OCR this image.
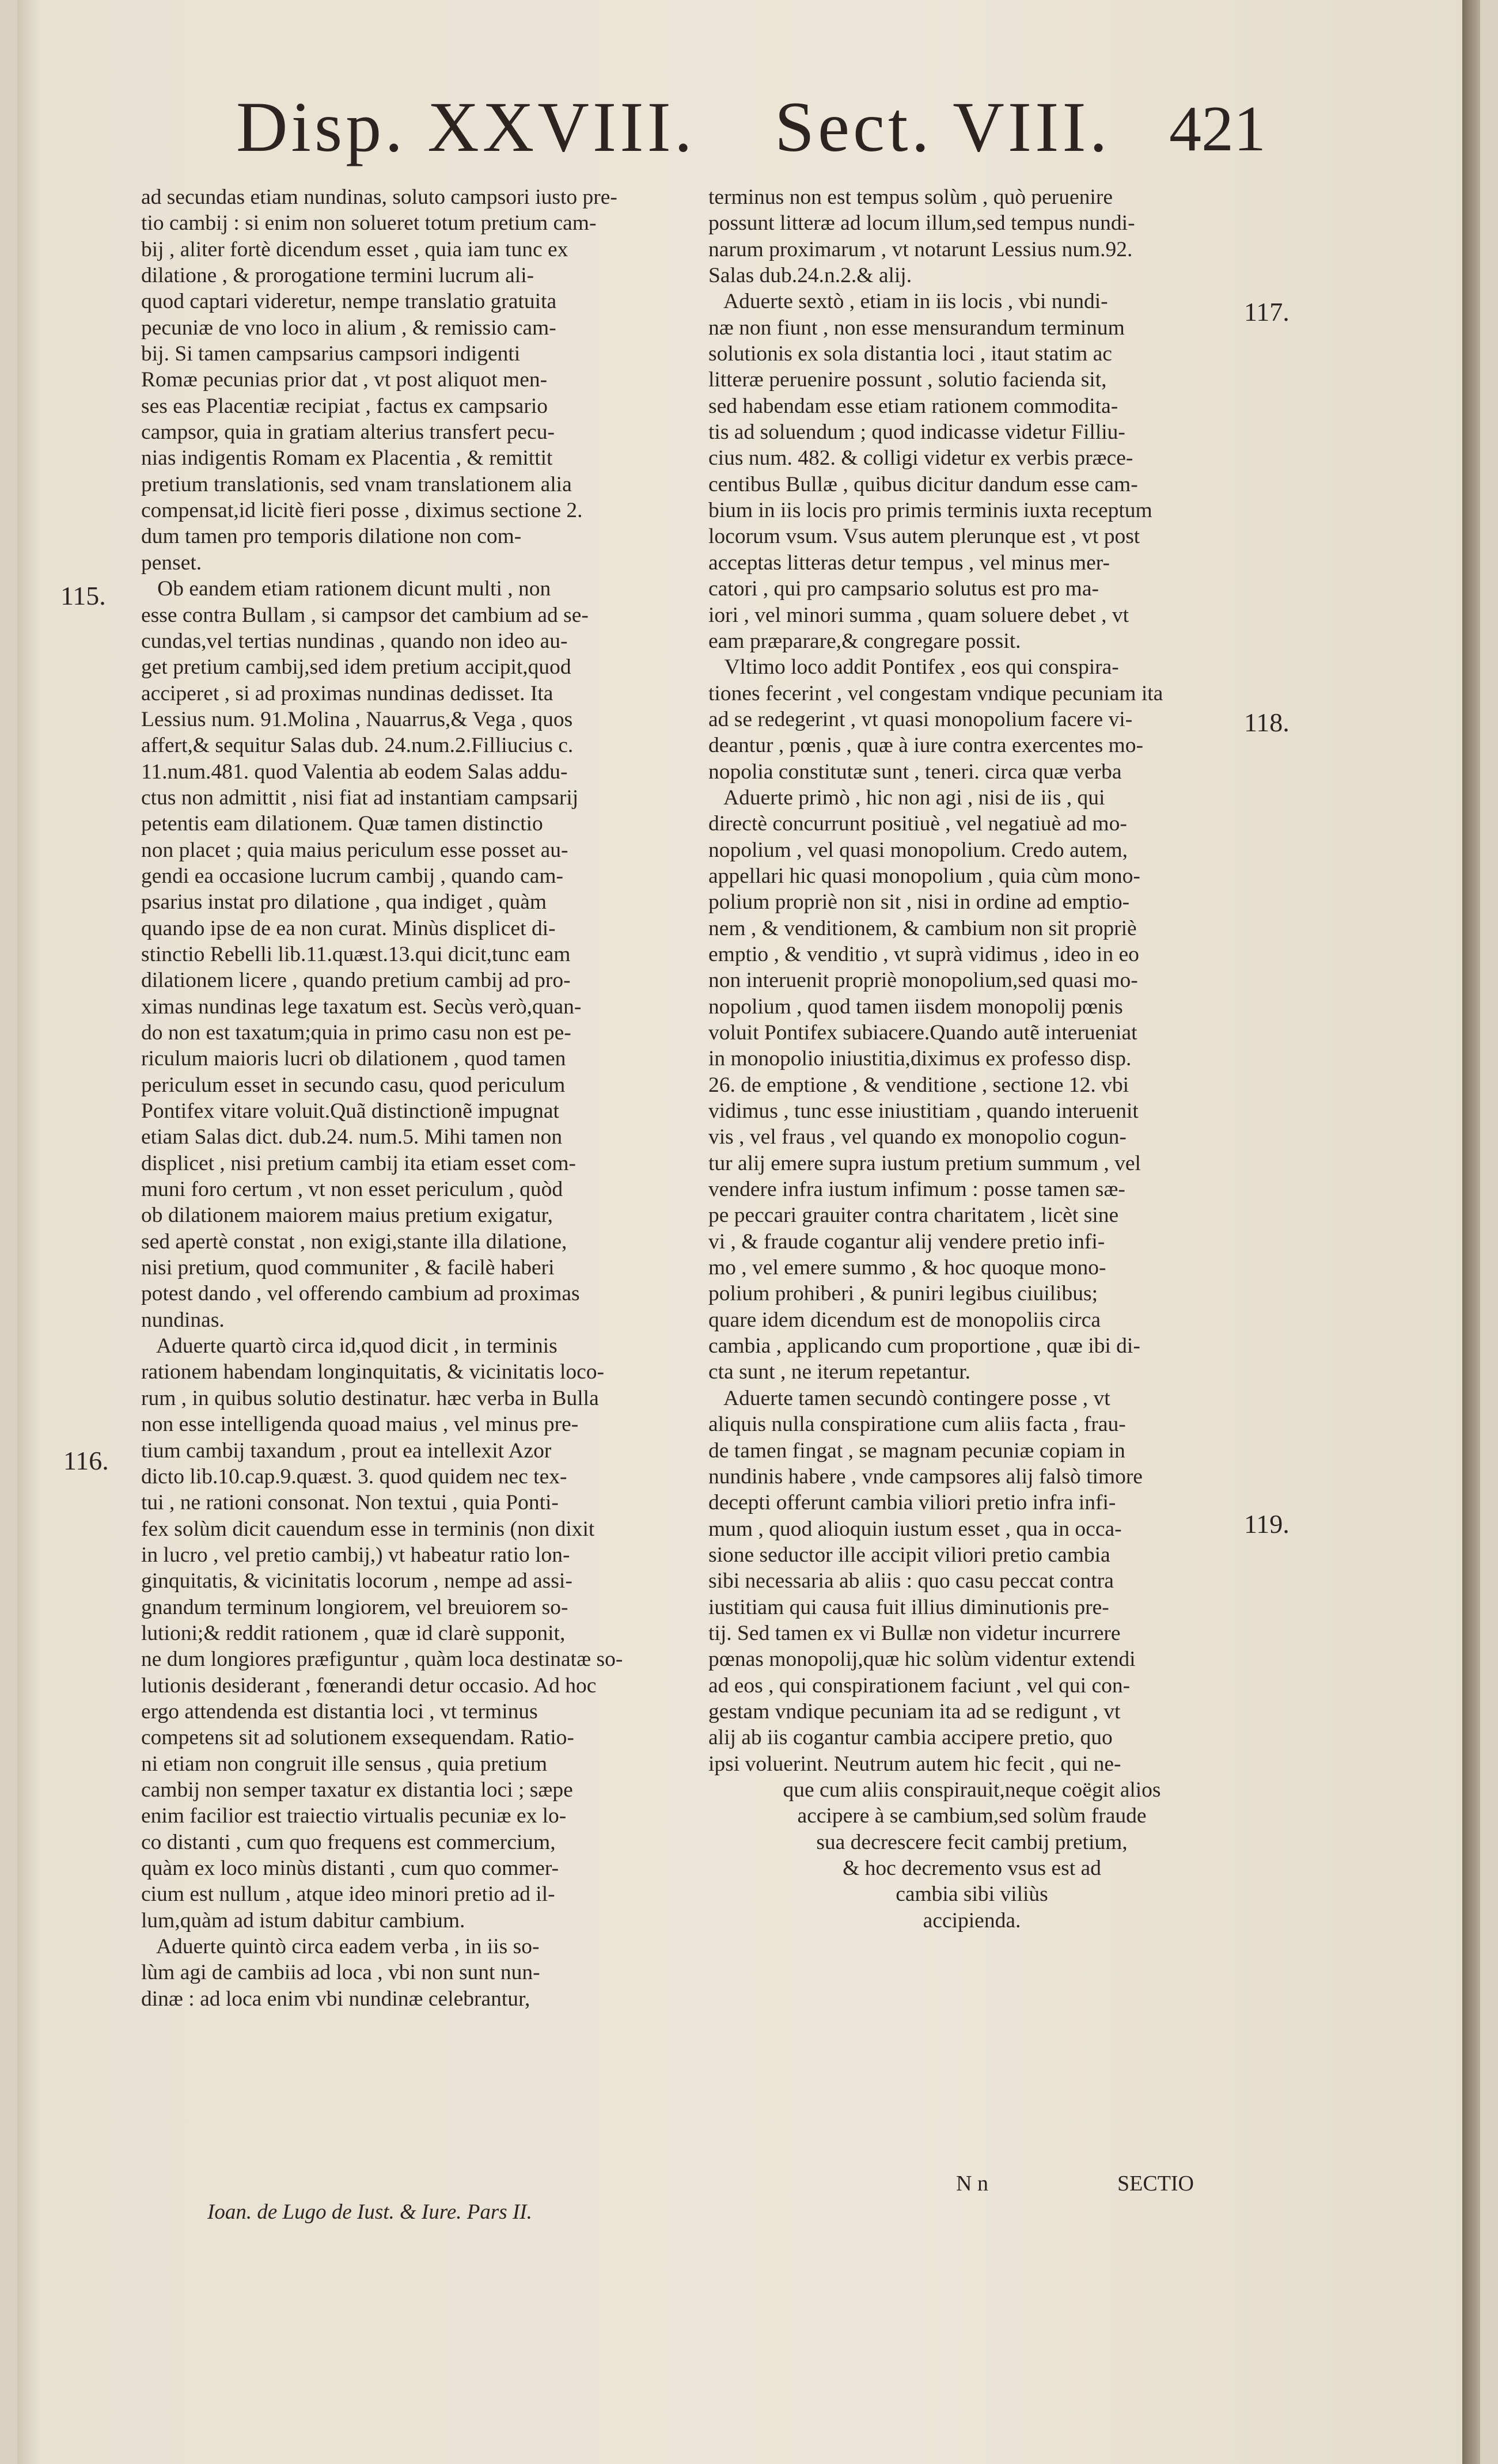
Disp. XXVIII. Sect. VIII. 421

ad secundas etiam nundinas, soluto campsori iusto pre-

tio cambij : si enim non solueret totum pretium cam-

bij , aliter fortè dicendum esset , quia iam tunc ex

dilatione , & prorogatione termini lucrum ali-

quod captari videretur, nempe translatio gratuita

pecuniæ de vno loco in alium , & remissio cam-

bij. Si tamen campsarius campsori indigenti

Romæ pecunias prior dat , vt post aliquot men-

ses eas Placentiæ recipiat , factus ex campsario

campsor, quia in gratiam alterius transfert pecu-

nias indigentis Romam ex Placentia , & remittit

pretium translationis, sed vnam translationem alia

compensat,id licitè fieri posse , diximus sectione 2.

dum tamen pro temporis dilatione non com-

penset.

Ob eandem etiam rationem dicunt multi , non

esse contra Bullam , si campsor det cambium ad se-

cundas,vel tertias nundinas , quando non ideo au-

get pretium cambij,sed idem pretium accipit,quod

acciperet , si ad proximas nundinas dedisset. Ita

Lessius num. 91.Molina , Nauarrus,& Vega , quos

affert,& sequitur Salas dub. 24.num.2.Filliucius c.

11.num.481. quod Valentia ab eodem Salas addu-

ctus non admittit , nisi fiat ad instantiam campsarij

petentis eam dilationem. Quæ tamen distinctio

non placet ; quia maius periculum esse posset au-

gendi ea occasione lucrum cambij , quando cam-

psarius instat pro dilatione , qua indiget , quàm

quando ipse de ea non curat. Minùs displicet di-

stinctio Rebelli lib.11.quæst.13.qui dicit,tunc eam

dilationem licere , quando pretium cambij ad pro-

ximas nundinas lege taxatum est. Secùs verò,quan-

do non est taxatum;quia in primo casu non est pe-

riculum maioris lucri ob dilationem , quod tamen

periculum esset in secundo casu, quod periculum

Pontifex vitare voluit.Quã distinctionẽ impugnat

etiam Salas dict. dub.24. num.5. Mihi tamen non

displicet , nisi pretium cambij ita etiam esset com-

muni foro certum , vt non esset periculum , quòd

ob dilationem maiorem maius pretium exigatur,

sed apertè constat , non exigi,stante illa dilatione,

nisi pretium, quod communiter , & facilè haberi

potest dando , vel offerendo cambium ad proximas

nundinas.

Aduerte quartò circa id,quod dicit , in terminis

rationem habendam longinquitatis, & vicinitatis loco-

rum , in quibus solutio destinatur. hæc verba in Bulla

non esse intelligenda quoad maius , vel minus pre-

tium cambij taxandum , prout ea intellexit Azor

dicto lib.10.cap.9.quæst. 3. quod quidem nec tex-

tui , ne rationi consonat. Non textui , quia Ponti-

fex solùm dicit cauendum esse in terminis (non dixit

in lucro , vel pretio cambij,) vt habeatur ratio lon-

ginquitatis, & vicinitatis locorum , nempe ad assi-

gnandum terminum longiorem, vel breuiorem so-

lutioni;& reddit rationem , quæ id clarè supponit,

ne dum longiores præfiguntur , quàm loca destinatæ so-

lutionis desiderant , fœnerandi detur occasio. Ad hoc

ergo attendenda est distantia loci , vt terminus

competens sit ad solutionem exsequendam. Ratio-

ni etiam non congruit ille sensus , quia pretium

cambij non semper taxatur ex distantia loci ; sæpe

enim facilior est traiectio virtualis pecuniæ ex lo-

co distanti , cum quo frequens est commercium,

quàm ex loco minùs distanti , cum quo commer-

cium est nullum , atque ideo minori pretio ad il-

lum,quàm ad istum dabitur cambium.

Aduerte quintò circa eadem verba , in iis so-

lùm agi de cambiis ad loca , vbi non sunt nun-

dinæ : ad loca enim vbi nundinæ celebrantur,

terminus non est tempus solùm , quò peruenire

possunt litteræ ad locum illum,sed tempus nundi-

narum proximarum , vt notarunt Lessius num.92.

Salas dub.24.n.2.& alij.

Aduerte sextò , etiam in iis locis , vbi nundi-

næ non fiunt , non esse mensurandum terminum

solutionis ex sola distantia loci , itaut statim ac

litteræ peruenire possunt , solutio facienda sit,

sed habendam esse etiam rationem commodita-

tis ad soluendum ; quod indicasse videtur Filliu-

cius num. 482. & colligi videtur ex verbis præce-

centibus Bullæ , quibus dicitur dandum esse cam-

bium in iis locis pro primis terminis iuxta receptum

locorum vsum. Vsus autem plerunque est , vt post

acceptas litteras detur tempus , vel minus mer-

catori , qui pro campsario solutus est pro ma-

iori , vel minori summa , quam soluere debet , vt

eam præparare,& congregare possit.

Vltimo loco addit Pontifex , eos qui conspira-

tiones fecerint , vel congestam vndique pecuniam ita

ad se redegerint , vt quasi monopolium facere vi-

deantur , pœnis , quæ à iure contra exercentes mo-

nopolia constitutæ sunt , teneri. circa quæ verba

Aduerte primò , hic non agi , nisi de iis , qui

directè concurrunt positiuè , vel negatiuè ad mo-

nopolium , vel quasi monopolium. Credo autem,

appellari hic quasi monopolium , quia cùm mono-

polium propriè non sit , nisi in ordine ad emptio-

nem , & venditionem, & cambium non sit propriè

emptio , & venditio , vt suprà vidimus , ideo in eo

non interuenit propriè monopolium,sed quasi mo-

nopolium , quod tamen iisdem monopolij pœnis

voluit Pontifex subiacere.Quando autẽ interueniat

in monopolio iniustitia,diximus ex professo disp.

26. de emptione , & venditione , sectione 12. vbi

vidimus , tunc esse iniustitiam , quando interuenit

vis , vel fraus , vel quando ex monopolio cogun-

tur alij emere supra iustum pretium summum , vel

vendere infra iustum infimum : posse tamen sæ-

pe peccari grauiter contra charitatem , licèt sine

vi , & fraude cogantur alij vendere pretio infi-

mo , vel emere summo , & hoc quoque mono-

polium prohiberi , & puniri legibus ciuilibus;

quare idem dicendum est de monopoliis circa

cambia , applicando cum proportione , quæ ibi di-

cta sunt , ne iterum repetantur.

Aduerte tamen secundò contingere posse , vt

aliquis nulla conspiratione cum aliis facta , frau-

de tamen fingat , se magnam pecuniæ copiam in

nundinis habere , vnde campsores alij falsò timore

decepti offerunt cambia viliori pretio infra infi-

mum , quod alioquin iustum esset , qua in occa-

sione seductor ille accipit viliori pretio cambia

sibi necessaria ab aliis : quo casu peccat contra

iustitiam qui causa fuit illius diminutionis pre-

tij. Sed tamen ex vi Bullæ non videtur incurrere

pœnas monopolij,quæ hic solùm videntur extendi

ad eos , qui conspirationem faciunt , vel qui con-

gestam vndique pecuniam ita ad se redigunt , vt

alij ab iis cogantur cambia accipere pretio, quo

ipsi voluerint. Neutrum autem hic fecit , qui ne-

que cum aliis conspirauit,neque coëgit alios

accipere à se cambium,sed solùm fraude

sua decrescere fecit cambij pretium,

& hoc decremento vsus est ad

cambia sibi viliùs

accipienda.

115.
116.
117.
118.
119.
Ioan. de Lugo de Iust. & Iure. Pars II.
N n	SECTIO
